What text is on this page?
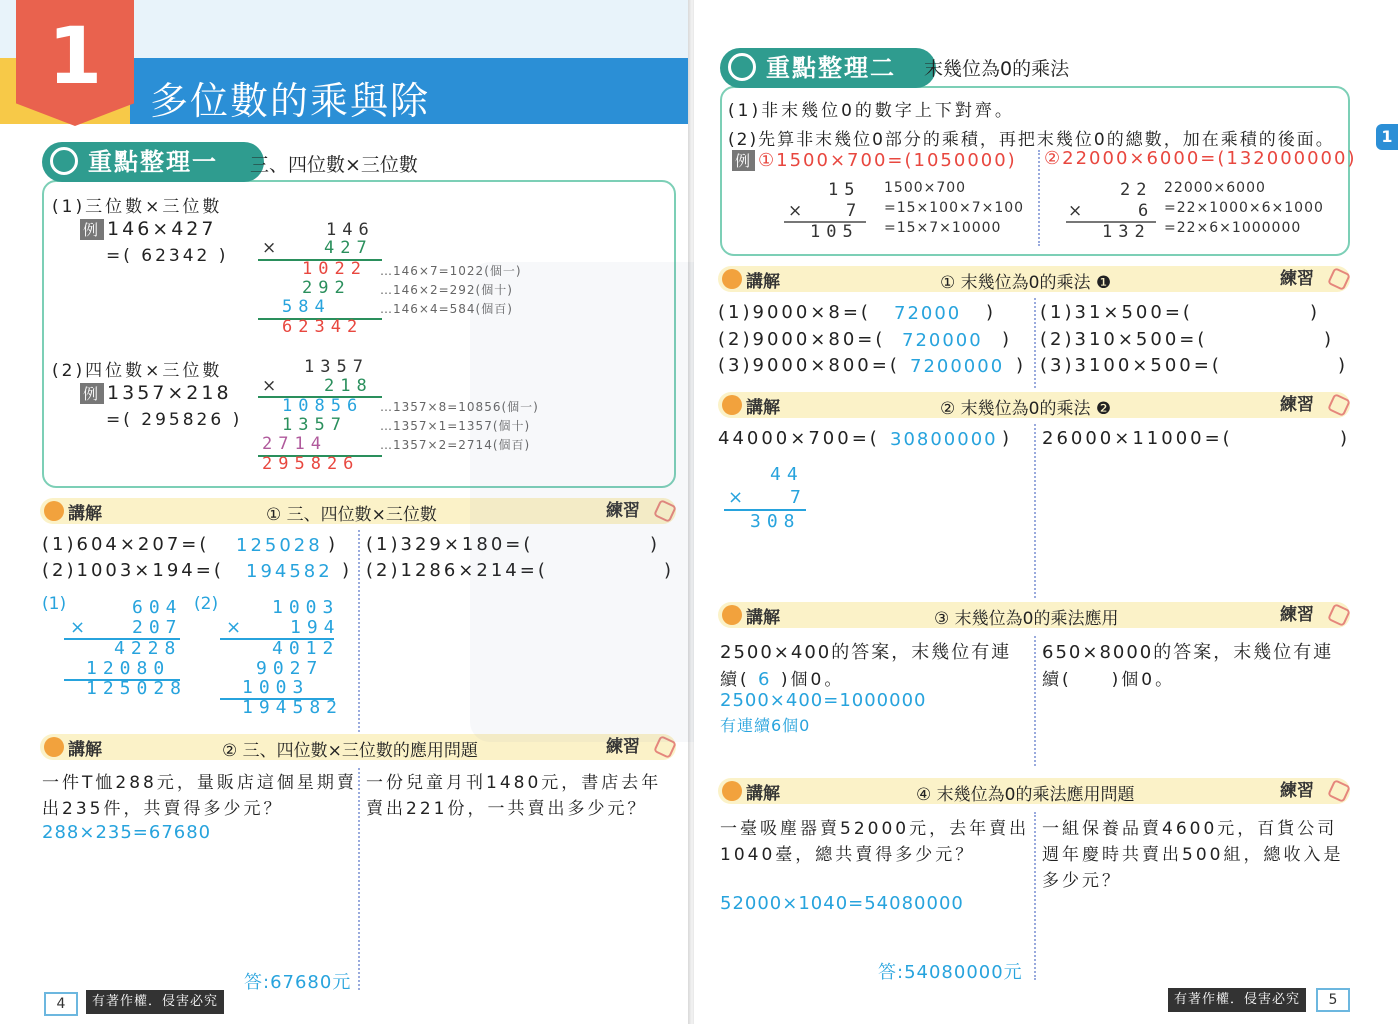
1	多位數的乘與除
重點整理一	三、四位數×三位數
(1)三位數×三位數
例 146×427
=( 62342 )
146
×	427
1022
292
584
62342
…146×7=1022(個一)
…146×2=292(個十)
…146×4=584(個百)
(2)四位數×三位數
例 1357×218
=( 295826 )
1357
×	218
10856
1357
2714
295826
…1357×8=10856(個一)
…1357×1=1357(個十)
…1357×2=2714(個百)
講解	① 三、四位數×三位數	練習
(1)604×207=( 125028 )
(2)1003×194=( 194582 )
(1)329×180=(	)
(2)1286×214=(	)
(1)	604
×	207
4228
12080
125028
(2)	1003
×	194
4012
9027
1003
194582
講解	② 三、四位數×三位數的應用問題	練習
一件T恤288元，量販店這個星期賣
出235件，共賣得多少元？
288×235=67680
答:67680元
一份兒童月刊1480元，書店去年
賣出221份，一共賣出多少元？
4	有著作權．侵害必究
重點整理二	末幾位為0的乘法
(1)非末幾位0的數字上下對齊。
(2)先算非末幾位0部分的乘積，再把末幾位0的總數，加在乘積的後面。
例 ①1500×700=(1050000) ②22000×6000=(132000000)
15
×	7
105
1500×700
=15×100×7×100
=15×7×10000
22
×	6
132
22000×6000
=22×1000×6×1000
=22×6×1000000
講解	① 末幾位為0的乘法 ❶	練習
(1)9000×8=( 72000 )
(2)9000×80=( 720000 )
(3)9000×800=( 7200000 )
(1)31×500=(	)
(2)310×500=(	)
(3)3100×500=(	)
講解	② 末幾位為0的乘法 ❷	練習
44000×700=( 30800000 )
44
×	7
308
26000×11000=(	)
講解	③ 末幾位為0的乘法應用	練習
2500×400的答案，末幾位有連
續( 6 )個0。
2500×400=1000000
有連續6個0
650×8000的答案，末幾位有連
續(　　)個0。
講解	④ 末幾位為0的乘法應用問題	練習
一臺吸塵器賣52000元，去年賣出
1040臺，總共賣得多少元？
52000×1040=54080000
答:54080000元
一組保養品賣4600元，百貨公司
週年慶時共賣出500組，總收入是
多少元？
有著作權．侵害必究	5
1
